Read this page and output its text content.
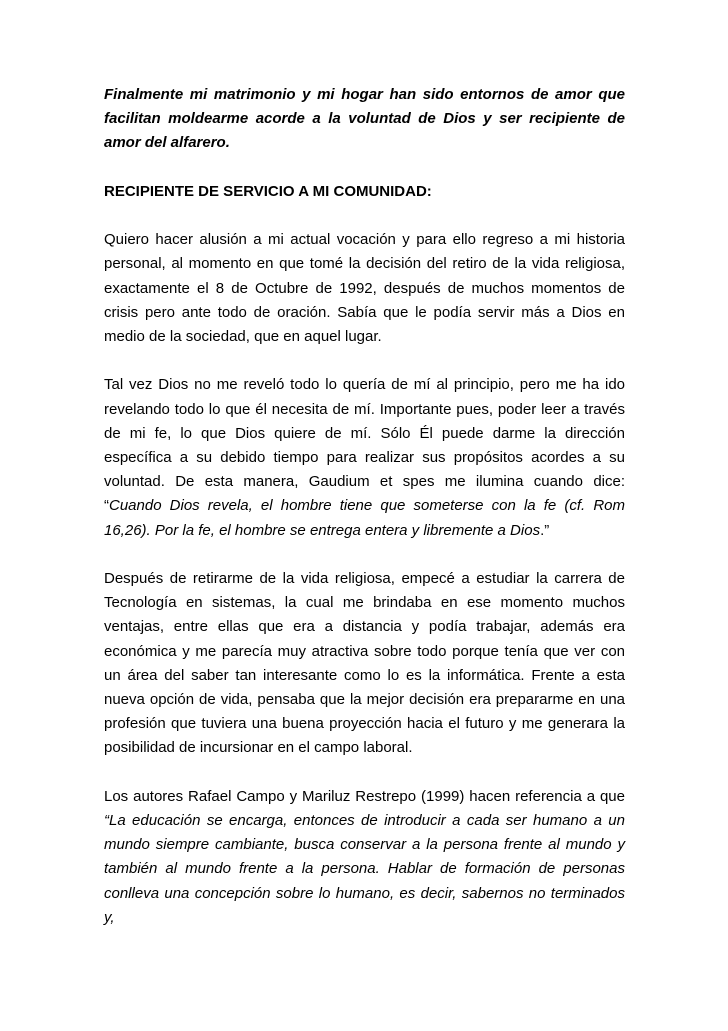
Finalmente mi matrimonio y mi hogar han sido entornos de amor que facilitan moldearme acorde a la voluntad de Dios y ser recipiente de amor del alfarero.

RECIPIENTE DE SERVICIO A MI COMUNIDAD:

Quiero hacer alusión a mi actual vocación y para ello regreso a mi historia personal, al momento en que tomé la decisión del retiro de la vida religiosa, exactamente el 8 de Octubre de 1992, después de muchos momentos de crisis pero ante todo de oración. Sabía que le podía servir más a Dios en medio de la sociedad, que en aquel lugar.

Tal vez Dios no me reveló todo lo quería de mí al principio, pero me ha ido revelando todo lo que él necesita de mí. Importante pues, poder leer a través de mi fe, lo que Dios quiere de mí. Sólo Él puede darme la dirección específica a su debido tiempo para realizar sus propósitos acordes a su voluntad. De esta manera, Gaudium et spes me ilumina cuando dice: “Cuando Dios revela, el hombre tiene que someterse con la fe (cf. Rom 16,26). Por la fe, el hombre se entrega entera y libremente a Dios.”

Después de retirarme de la vida religiosa, empecé a estudiar la carrera de Tecnología en sistemas, la cual me brindaba en ese momento muchos ventajas, entre ellas que era a distancia y podía trabajar, además era económica y me parecía muy atractiva sobre todo porque tenía que ver con un área del saber tan interesante como lo es la informática. Frente a esta nueva opción de vida, pensaba que la mejor decisión era prepararme en una profesión que tuviera una buena proyección hacia el futuro y me generara la posibilidad de incursionar en el campo laboral.

Los autores Rafael Campo y Mariluz Restrepo (1999) hacen referencia a que “La educación se encarga, entonces de introducir a cada ser humano a un mundo siempre cambiante, busca conservar a la persona frente al mundo y también al mundo frente a la persona. Hablar de formación de personas conlleva una concepción sobre lo humano, es decir, sabernos no terminados y,
